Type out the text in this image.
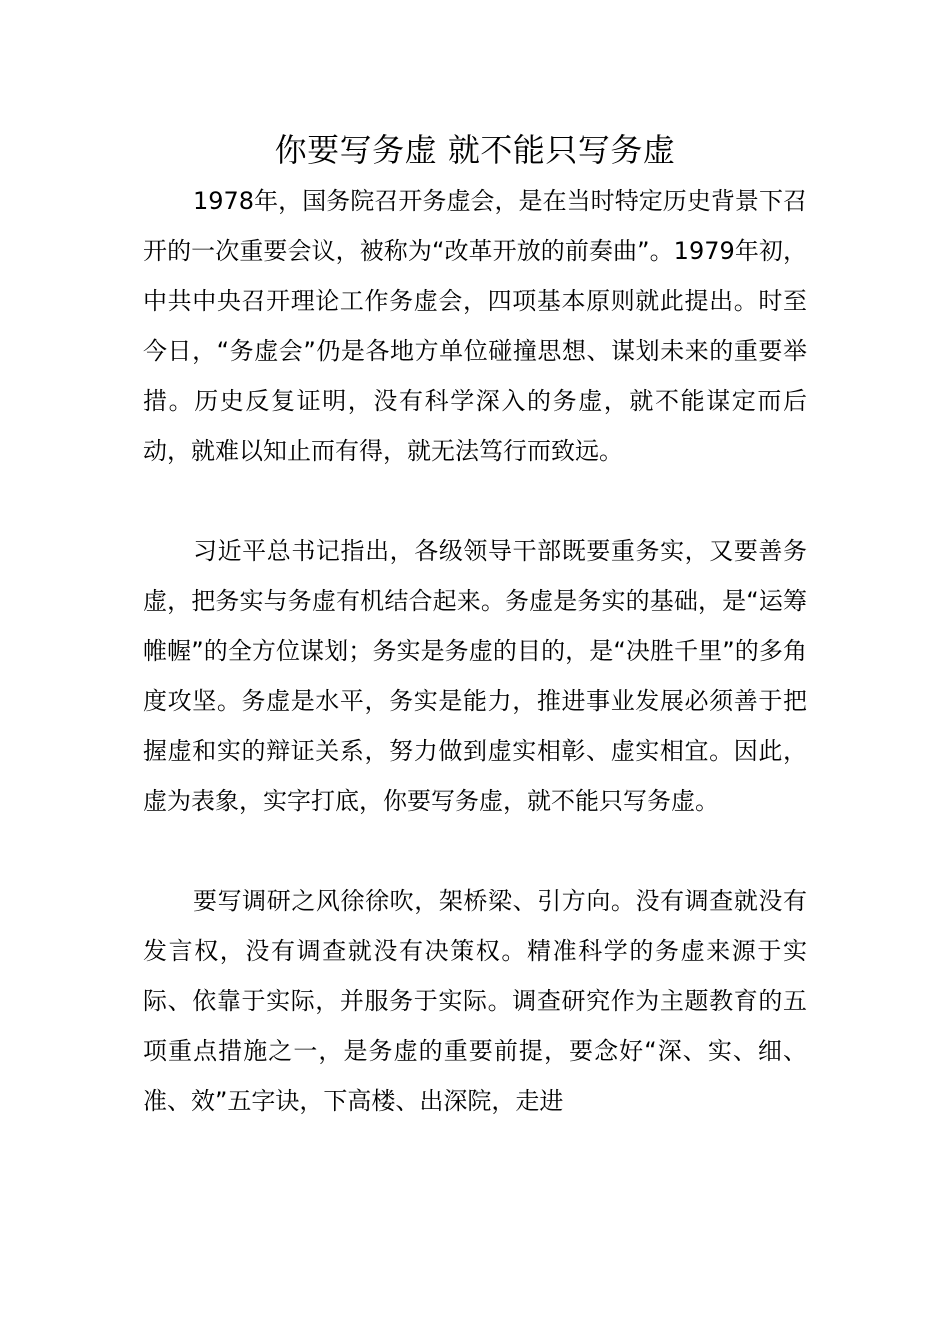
你要写务虚 就不能只写务虚

1978年，国务院召开务虚会，是在当时特定历史背景下召开的一次重要会议，被称为“改革开放的前奏曲”。1979年初，中共中央召开理论工作务虚会，四项基本原则就此提出。时至今日，“务虚会”仍是各地方单位碰撞思想、谋划未来的重要举措。历史反复证明，没有科学深入的务虚，就不能谋定而后动，就难以知止而有得，就无法笃行而致远。

习近平总书记指出，各级领导干部既要重务实，又要善务虚，把务实与务虚有机结合起来。务虚是务实的基础，是“运筹帷幄”的全方位谋划；务实是务虚的目的，是“决胜千里”的多角度攻坚。务虚是水平，务实是能力，推进事业发展必须善于把握虚和实的辩证关系，努力做到虚实相彰、虚实相宜。因此，虚为表象，实字打底，你要写务虚，就不能只写务虚。

要写调研之风徐徐吹，架桥梁、引方向。没有调查就没有发言权，没有调查就没有决策权。精准科学的务虚来源于实际、依靠于实际，并服务于实际。调查研究作为主题教育的五项重点措施之一，是务虚的重要前提，要念好“深、实、细、准、效”五字诀，下高楼、出深院，走进
